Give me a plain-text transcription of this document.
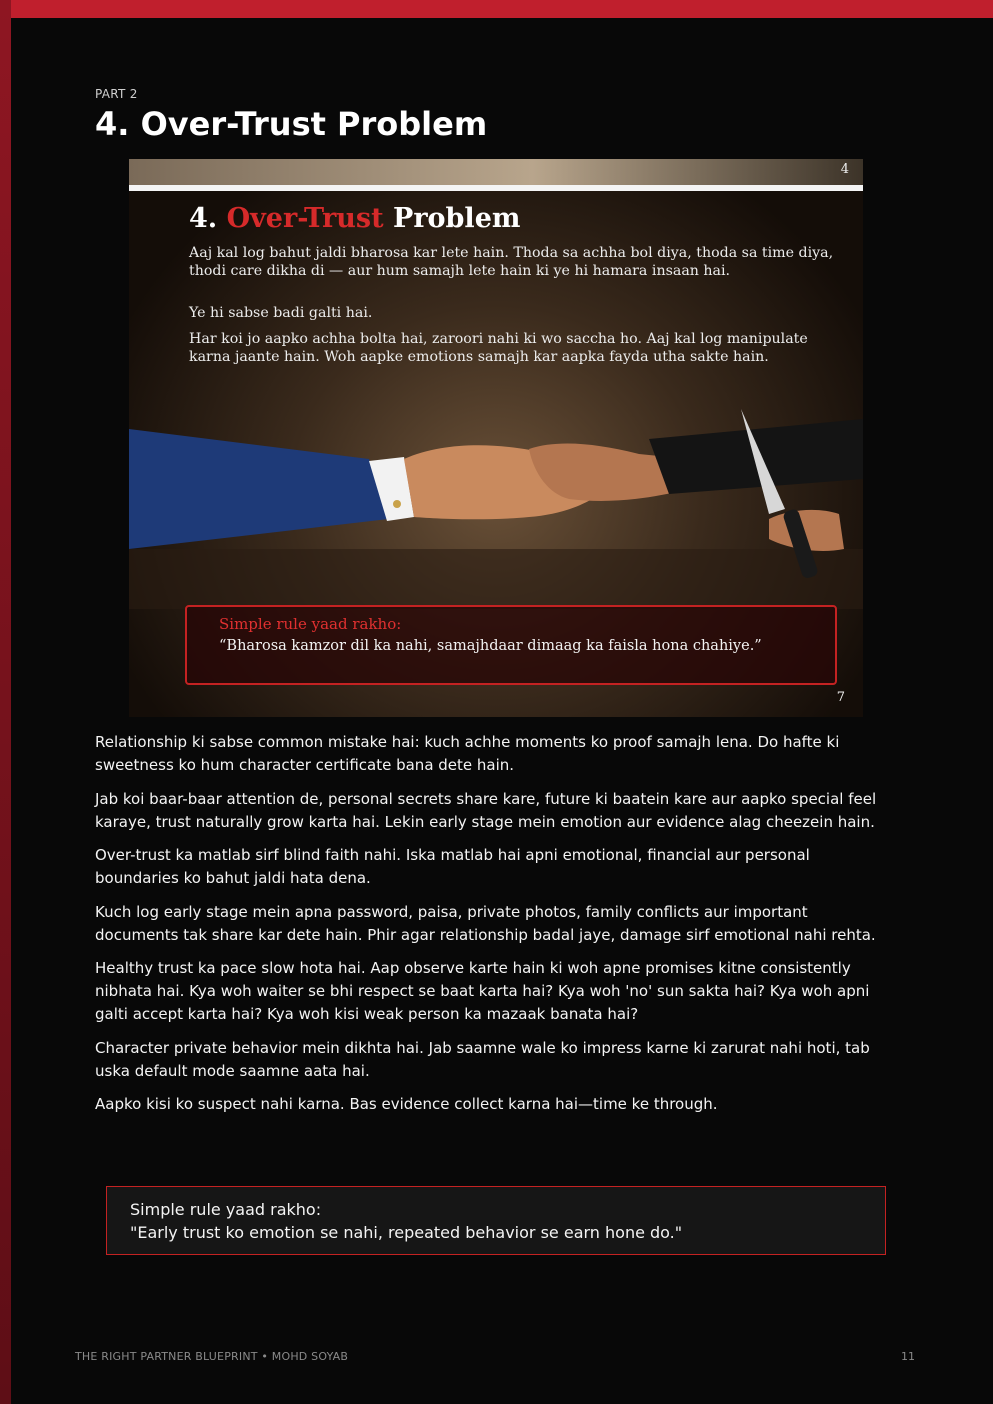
PART 2
4. Over-Trust Problem
4
4. Over-Trust Problem
Aaj kal log bahut jaldi bharosa kar lete hain. Thoda sa achha bol diya, thoda sa time diya, thodi care dikha di — aur hum samajh lete hain ki ye hi hamara insaan hai.
Ye hi sabse badi galti hai.
Har koi jo aapko achha bolta hai, zaroori nahi ki wo saccha ho. Aaj kal log manipulate karna jaante hain. Woh aapke emotions samajh kar aapka fayda utha sakte hain.
Simple rule yaad rakho:
“Bharosa kamzor dil ka nahi, samajhdaar dimaag ka faisla hona chahiye.”
7

Relationship ki sabse common mistake hai: kuch achhe moments ko proof samajh lena. Do hafte ki sweetness ko hum character certificate bana dete hain.

Jab koi baar-baar attention de, personal secrets share kare, future ki baatein kare aur aapko special feel karaye, trust naturally grow karta hai. Lekin early stage mein emotion aur evidence alag cheezein hain.

Over-trust ka matlab sirf blind faith nahi. Iska matlab hai apni emotional, financial aur personal boundaries ko bahut jaldi hata dena.

Kuch log early stage mein apna password, paisa, private photos, family conflicts aur important documents tak share kar dete hain. Phir agar relationship badal jaye, damage sirf emotional nahi rehta.

Healthy trust ka pace slow hota hai. Aap observe karte hain ki woh apne promises kitne consistently nibhata hai. Kya woh waiter se bhi respect se baat karta hai? Kya woh 'no' sun sakta hai? Kya woh apni galti accept karta hai? Kya woh kisi weak person ka mazaak banata hai?

Character private behavior mein dikhta hai. Jab saamne wale ko impress karne ki zarurat nahi hoti, tab uska default mode saamne aata hai.

Aapko kisi ko suspect nahi karna. Bas evidence collect karna hai—time ke through.

Simple rule yaad rakho:
"Early trust ko emotion se nahi, repeated behavior se earn hone do."
THE RIGHT PARTNER BLUEPRINT • MOHD SOYAB	11
